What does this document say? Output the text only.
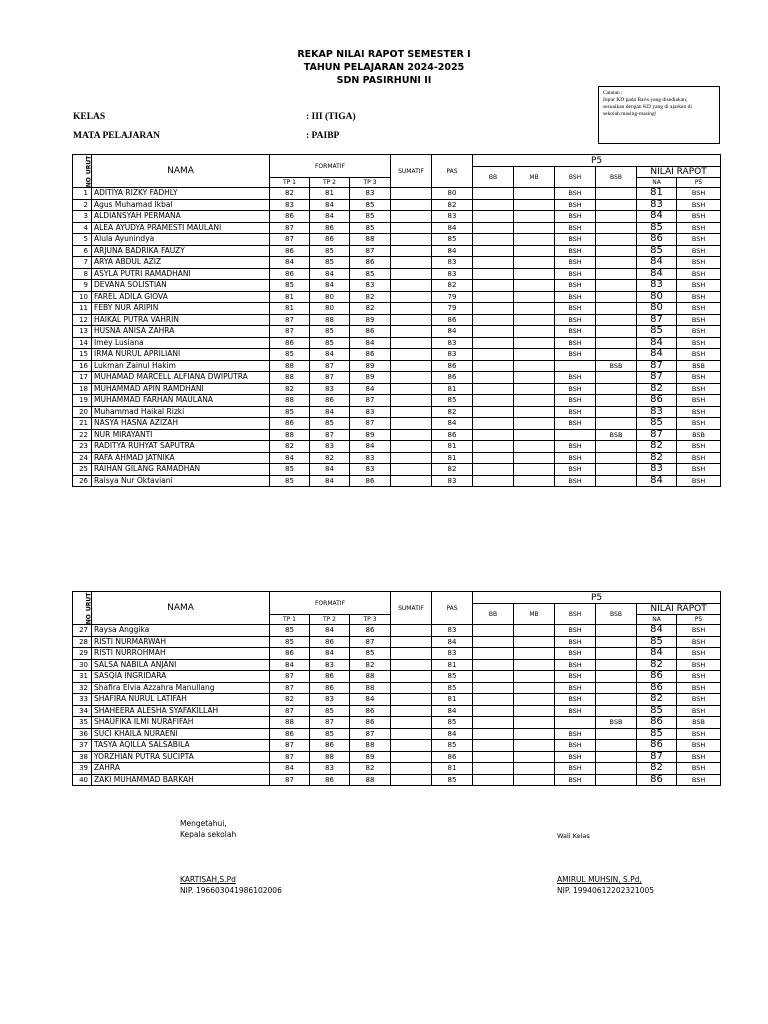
REKAP NILAI RAPOT SEMESTER I
TAHUN PELAJARAN 2024-2025
SDN PASIRHUNI II
Catatan :
Inpur KD pada Baris yang disediakan,
sesuaikan dengan KD yang di ajarkan di
sekolah masing-masing!
KELAS	: III (TIGA)
MATA PELAJARAN	: PAIBP
NO_URUT	NAMA	FORMATIF			SUMATIF	PAS	P5					
							BB	MB	BSH	BSB	NILAI RAPOT	
		TP 1	TP 2	TP 3							NA	P5
1	ADITIYA RIZKY FADHLY	82	81	83		80			BSH		81	BSH
2	Agus Muhamad Ikbal	83	84	85		82			BSH		83	BSH
3	ALDIANSYAH PERMANA	86	84	85		83			BSH		84	BSH
4	ALEA AYUDYA PRAMESTI MAULANI	87	86	85		84			BSH		85	BSH
5	Alula Ayunindya	87	86	88		85			BSH		86	BSH
6	ARJUNA BADRIKA FAUZY	86	85	87		84			BSH		85	BSH
7	ARYA ABDUL AZIZ	84	85	86		83			BSH		84	BSH
8	ASYLA PUTRI RAMADHANI	86	84	85		83			BSH		84	BSH
9	DEVANA SOLISTIAN	85	84	83		82			BSH		83	BSH
10	FAREL ADILA GIOVA	81	80	82		79			BSH		80	BSH
11	FEBY NUR ARIPIN	81	80	82		79			BSH		80	BSH
12	HAIKAL PUTRA VAHRIN	87	88	89		86			BSH		87	BSH
13	HUSNA ANISA ZAHRA	87	85	86		84			BSH		85	BSH
14	Imey Lusiana	86	85	84		83			BSH		84	BSH
15	IRMA NURUL APRILIANI	85	84	86		83			BSH		84	BSH
16	Lukman Zainul Hakim	88	87	89		86				BSB	87	BSB
17	MUHAMAD MARCELL ALFIANA DWIPUTRA	88	87	89		86			BSH		87	BSH
18	MUHAMMAD APIN RAMDHANI	82	83	84		81			BSH		82	BSH
19	MUHAMMAD FARHAN MAULANA	88	86	87		85			BSH		86	BSH
20	Muhammad Haikal Rizki	85	84	83		82			BSH		83	BSH
21	NASYA HASNA AZIZAH	86	85	87		84			BSH		85	BSH
22	NUR MIRAYANTI	88	87	89		86				BSB	87	BSB
23	RADITYA RUHYAT SAPUTRA	82	83	84		81			BSH		82	BSH
24	RAFA AHMAD JATNIKA	84	82	83		81			BSH		82	BSH
25	RAIHAN GILANG RAMADHAN	85	84	83		82			BSH		83	BSH
26	Raisya Nur Oktaviani	85	84	86		83			BSH		84	BSH
NO_URUT	NAMA	FORMATIF			SUMATIF	PAS	P5					
							BB	MB	BSH	BSB	NILAI RAPOT	
		TP 1	TP 2	TP 3							NA	P5
27	Raysa Anggika	85	84	86		83			BSH		84	BSH
28	RISTI NURMARWAH	85	86	87		84			BSH		85	BSH
29	RISTI NURROHMAH	86	84	85		83			BSH		84	BSH
30	SALSA NABILA ANJANI	84	83	82		81			BSH		82	BSH
31	SASQIA INGRIDARA	87	86	88		85			BSH		86	BSH
32	Shafira Elvia Azzahra Manullang	87	86	88		85			BSH		86	BSH
33	SHAFIRA NURUL LATIFAH	82	83	84		81			BSH		82	BSH
34	SHAHEERA ALESHA SYAFAKILLAH	87	85	86		84			BSH		85	BSH
35	SHAUFIKA ILMI NURAFIFAH	88	87	86		85				BSB	86	BSB
36	SUCI KHAILA NURAENI	86	85	87		84			BSH		85	BSH
37	TASYA AQILLA SALSABILA	87	86	88		85			BSH		86	BSH
38	YORZHIAN PUTRA SUCIPTA	87	88	89		86			BSH		87	BSH
39	ZAHRA	84	83	82		81			BSH		82	BSH
40	ZAKI MUHAMMAD BARKAH	87	86	88		85			BSH		86	BSH
Mengetahui,
Kepala sekolah	Wali Kelas
KARTISAH,S.Pd
NIP. 196603041986102006
AMIRUL MUHSIN, S.Pd,
NIP. 19940612202321005
